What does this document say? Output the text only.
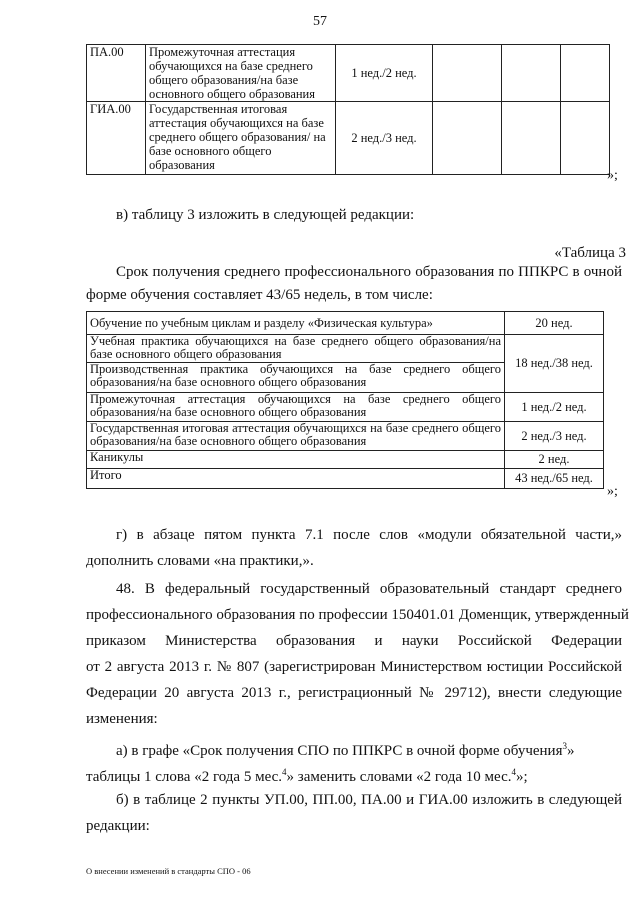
57
ПА.00	Промежуточная аттестация обучающихся на базе среднего общего образования/на базе основного общего образования	1 нед./2 нед.			
ГИА.00	Государственная итоговая аттестация обучающихся на базе среднего общего образования/ на базе основного общего образования	2 нед./3 нед.			
»;

в) таблицу 3 изложить в следующей редакции:

«Таблица 3

Срок получения среднего профессионального образования по ППКРС в очной

форме обучения составляет 43/65 недель, в том числе:

Обучение по учебным циклам и разделу «Физическая культура»	20 нед.
Учебная практика обучающихся на базе среднего общего образования/на базе основного общего образования	18 нед./38 нед.
Производственная практика обучающихся на базе среднего общего образования/на базе основного общего образования	
Промежуточная аттестация обучающихся на базе среднего общего образования/на базе основного общего образования	1 нед./2 нед.
Государственная итоговая аттестация обучающихся на базе среднего общего образования/на базе основного общего образования	2 нед./3 нед.
Каникулы	2 нед.
Итого	43 нед./65 нед.
»;

г) в абзаце пятом пункта 7.1 после слов «модули обязательной части,»

дополнить словами «на практики,».

48. В федеральный государственный образовательный стандарт среднего

профессионального образования по профессии 150401.01 Доменщик, утвержденный

приказом Министерства образования и науки Российской Федерации

от 2 августа 2013 г. № 807 (зарегистрирован Министерством юстиции Российской

Федерации 20 августа 2013 г., регистрационный № 29712), внести следующие

изменения:

а) в графе «Срок получения СПО по ППКРС в очной форме обучения$^3$»

таблицы 1 слова «2 года 5 мес.$^4$» заменить словами «2 года 10 мес.$^4$»;

б) в таблице 2 пункты УП.00, ПП.00, ПА.00 и ГИА.00 изложить в следующей

редакции:

О внесении изменений в стандарты СПО - 06
